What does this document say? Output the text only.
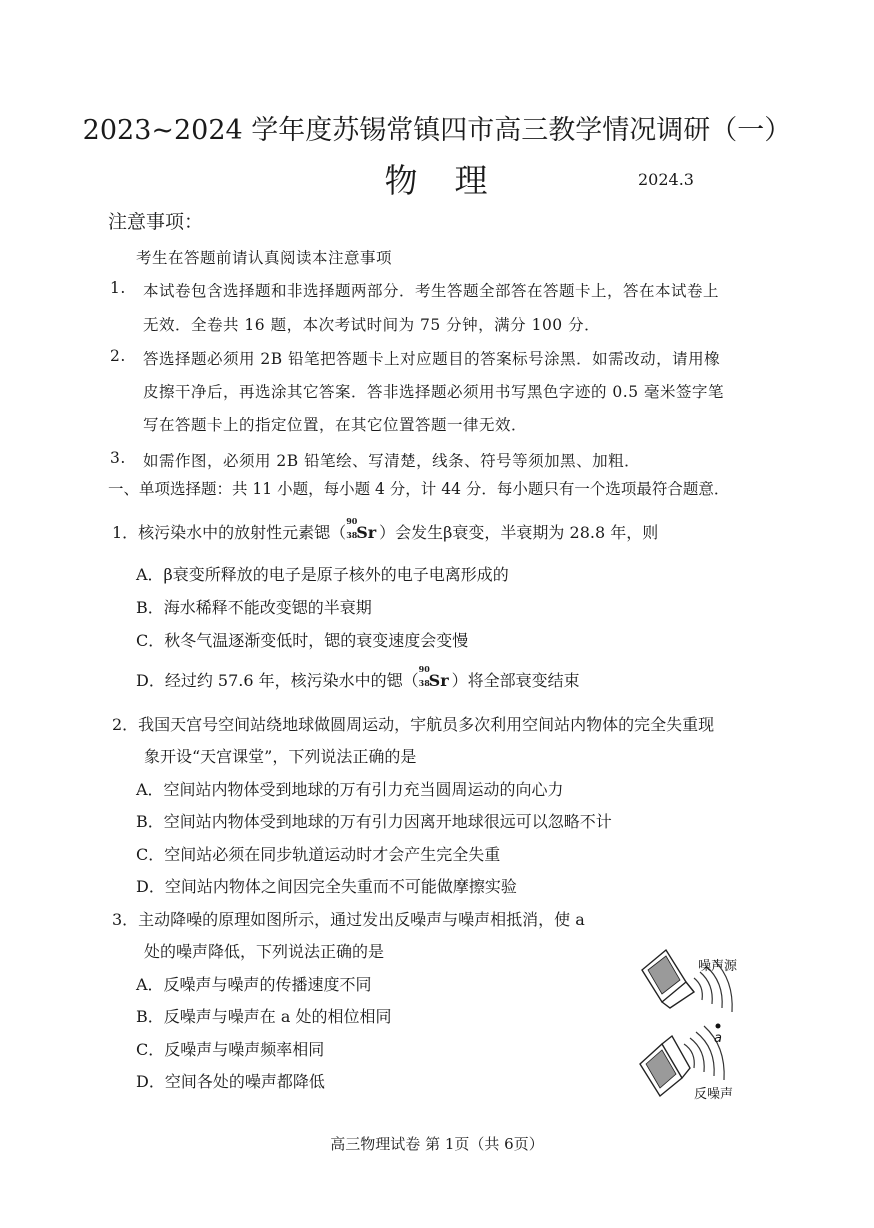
2023~2024 学年度苏锡常镇四市高三教学情况调研（一）
物　理	2024.3
注意事项：
考生在答题前请认真阅读本注意事项
1. 本试卷包含选择题和非选择题两部分．考生答题全部答在答题卡上，答在本试卷上
无效．全卷共 16 题，本次考试时间为 75 分钟，满分 100 分．
2. 答选择题必须用 2B 铅笔把答题卡上对应题目的答案标号涂黑．如需改动，请用橡
皮擦干净后，再选涂其它答案．答非选择题必须用书写黑色字迹的 0.5 毫米签字笔
写在答题卡上的指定位置，在其它位置答题一律无效．
3. 如需作图，必须用 2B 铅笔绘、写清楚，线条、符号等须加黑、加粗．
一、单项选择题：共 11 小题，每小题 4 分，计 44 分．每小题只有一个选项最符合题意．
1．核污染水中的放射性元素锶（
90
38
Sr ）会发生β衰变，半衰期为 28.8 年，则
A．β衰变所释放的电子是原子核外的电子电离形成的
B．海水稀释不能改变锶的半衰期
C．秋冬气温逐渐变低时，锶的衰变速度会变慢
D．经过约 57.6 年，核污染水中的锶（
90
38
Sr ）将全部衰变结束
2．我国天宫号空间站绕地球做圆周运动，宇航员多次利用空间站内物体的完全失重现
象开设“天宫课堂”，下列说法正确的是
A．空间站内物体受到地球的万有引力充当圆周运动的向心力
B．空间站内物体受到地球的万有引力因离开地球很远可以忽略不计
C．空间站必须在同步轨道运动时才会产生完全失重
D．空间站内物体之间因完全失重而不可能做摩擦实验
3．主动降噪的原理如图所示，通过发出反噪声与噪声相抵消，使 a
处的噪声降低，下列说法正确的是
A．反噪声与噪声的传播速度不同
B．反噪声与噪声在 a 处的相位相同
C．反噪声与噪声频率相同
D．空间各处的噪声都降低
a
噪声源
反噪声
高三物理试卷 第 1页（共 6页）
